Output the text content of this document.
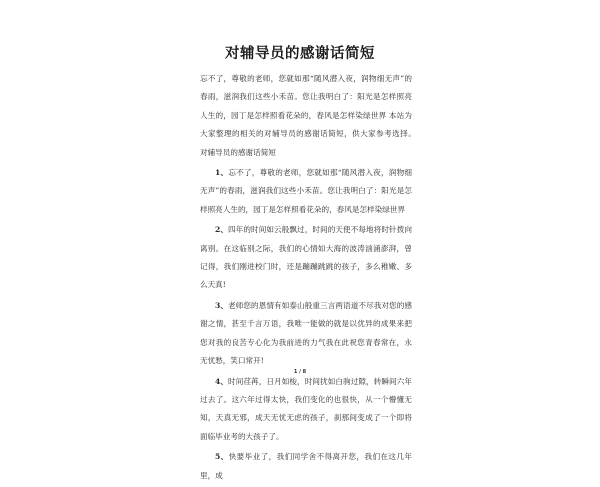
对辅导员的感谢话简短

忘不了，尊敬的老师，您就如那“随风潜入夜，润物细无声”的春雨，滋润我们这些小禾苗。您让我明白了：阳光是怎样照亮人生的，园丁是怎样照看花朵的，春风是怎样染绿世界 本站为大家整理的相关的对辅导员的感谢话简短，供大家参考选择。　　对辅导员的感谢话简短

1、忘不了，尊敬的老师，您就如那“随风潜入夜，润物细无声”的春雨，滋润我们这些小禾苗。您让我明白了：阳光是怎样照亮人生的，园丁是怎样照看花朵的，春风是怎样染绿世界

2、四年的时间如云般飘过，时间的天使不每地将时针拨向离别。在这临别之际，我们的心情如大海的波涛汹涌澎湃，曾记得，我们刚进校门时，还是蹦蹦跳跳的孩子，多么稚嫩、多么天真!

3、老师您的恩情有如泰山般重三言两语道不尽我对您的感谢之情，甚至千言万语，我唯一能做的就是以优异的成果来把您对我的良苦专心化为我前进的力气我在此祝您青春常在，永无忧愁，笑口常开!

4、时间荏苒，日月如梭，时间扰如白驹过隙，转瞬间六年过去了。这六年过得太快，我们变化的也很快，从一个懵懂无知，天真无邪，成天无忧无虑的孩子，刹那间变成了一个即将面临毕业考的大孩子了。

5、快要毕业了，我们同学舍不得离开您，我们在这几年里，成

1 / 8
